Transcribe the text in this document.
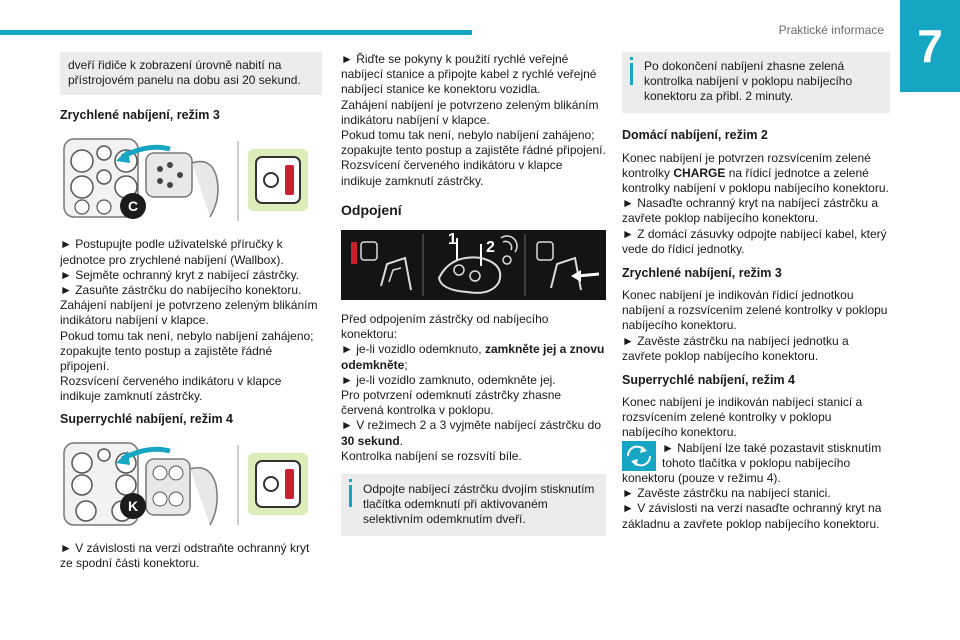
Praktické informace 7

dveří řidiče k zobrazení úrovně nabití na přístrojovém panelu na dobu asi 20 sekund.

Zrychlené nabíjení, režim 3
C

► Postupujte podle uživatelské příručky k jednotce pro zrychlené nabíjení (Wallbox).

► Sejměte ochranný kryt z nabíjecí zástrčky.

► Zasuňte zástrčku do nabíjecího konektoru.

Zahájení nabíjení je potvrzeno zeleným blikáním indikátoru nabíjení v klapce.

Pokud tomu tak není, nebylo nabíjení zahájeno; zopakujte tento postup a zajistěte řádné připojení.

Rozsvícení červeného indikátoru v klapce indikuje zamknutí zástrčky.

Superrychlé nabíjení, režim 4
K

► V závislosti na verzi odstraňte ochranný kryt ze spodní části konektoru.

► Řiďte se pokyny k použití rychlé veřejné nabíjecí stanice a připojte kabel z rychlé veřejné nabíjecí stanice ke konektoru vozidla.

Zahájení nabíjení je potvrzeno zeleným blikáním indikátoru nabíjení v klapce.

Pokud tomu tak není, nebylo nabíjení zahájeno; zopakujte tento postup a zajistěte řádné připojení.

Rozsvícení červeného indikátoru v klapce indikuje zamknutí zástrčky.

Odpojení

1 2

Před odpojením zástrčky od nabíjecího konektoru:

► je-li vozidlo odemknuto, zamkněte jej a znovu odemkněte;

► je-li vozidlo zamknuto, odemkněte jej.

Pro potvrzení odemknutí zástrčky zhasne červená kontrolka v poklopu.

► V režimech 2 a 3 vyjměte nabíjecí zástrčku do 30 sekund.

Kontrolka nabíjení se rozsvítí bíle.

Odpojte nabíjecí zástrčku dvojím stisknutím tlačítka odemknutí při aktivovaném selektivním odemknutím dveří.

Po dokončení nabíjení zhasne zelená kontrolka nabíjení v poklopu nabíjecího konektoru za přibl. 2 minuty.

Domácí nabíjení, režim 2

Konec nabíjení je potvrzen rozsvícením zelené kontrolky CHARGE na řídicí jednotce a zelené kontrolky nabíjení v poklopu nabíjecího konektoru.

► Nasaďte ochranný kryt na nabíjecí zástrčku a zavřete poklop nabíjecího konektoru.

► Z domácí zásuvky odpojte nabíjecí kabel, který vede do řídicí jednotky.

Zrychlené nabíjení, režim 3

Konec nabíjení je indikován řídicí jednotkou nabíjení a rozsvícením zelené kontrolky v poklopu nabíjecího konektoru.

► Zavěste zástrčku na nabíjecí jednotku a zavřete poklop nabíjecího konektoru.

Superrychlé nabíjení, režim 4

Konec nabíjení je indikován nabíjecí stanicí a rozsvícením zelené kontrolky v poklopu nabíjecího konektoru.

► Nabíjení lze také pozastavit stisknutím tohoto tlačítka v poklopu nabíjecího konektoru (pouze v režimu 4).

► Zavěste zástrčku na nabíjecí stanici.

► V závislosti na verzi nasaďte ochranný kryt na základnu a zavřete poklop nabíjecího konektoru.
